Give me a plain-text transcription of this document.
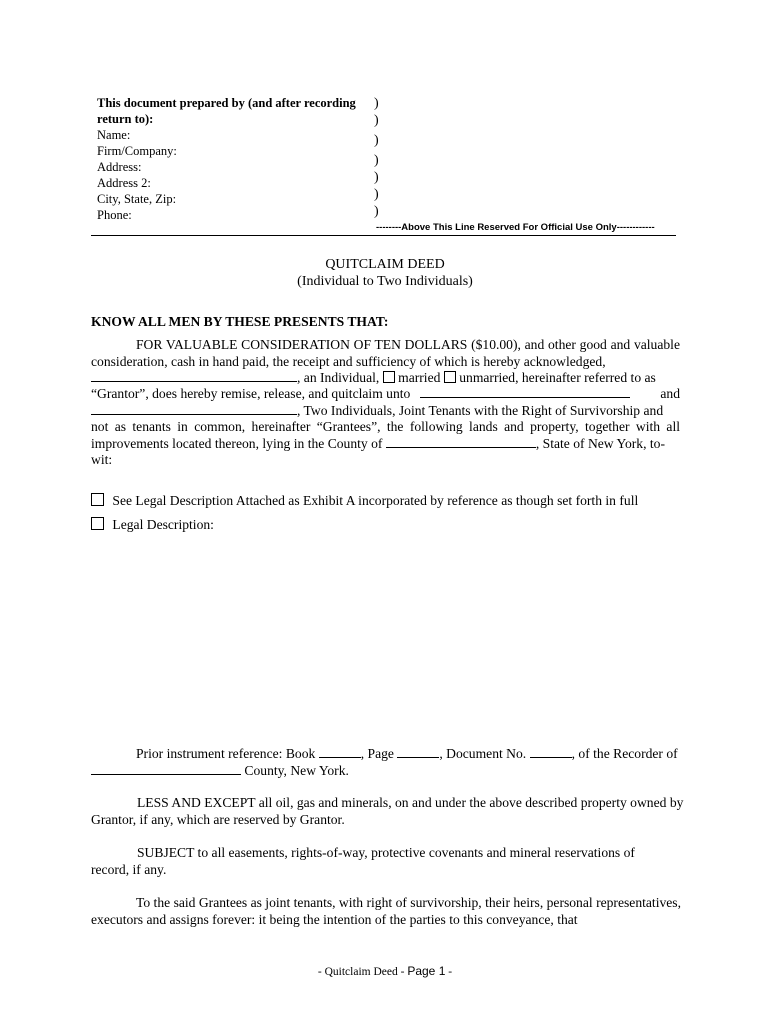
This document prepared by (and after recording
return to):
Name:
Firm/Company:
Address:
Address 2:
City, State, Zip:
Phone:
)
)
)
)
)
)
)
--------Above This Line Reserved For Official Use Only------------
QUITCLAIM DEED
(Individual to Two Individuals)
KNOW ALL MEN BY THESE PRESENTS THAT:
FOR VALUABLE CONSIDERATION OF TEN DOLLARS ($10.00), and other good and valuable consideration, cash in hand paid, the receipt and sufficiency of which is hereby acknowledged,
, an Individual, married unmarried, hereinafter referred to as
“Grantor”, does hereby remise, release, and quitclaim unto	and
, Two Individuals, Joint Tenants with the Right of Survivorship and
not as tenants in common, hereinafter “Grantees”, the following lands and property, together with all improvements located thereon, lying in the County of	, State of New York, to-
wit:
See Legal Description Attached as Exhibit A incorporated by reference as though set forth in full
Legal Description:
Prior instrument reference: Book	, Page	, Document No.	, of the Recorder of
County, New York.
LESS AND EXCEPT all oil, gas and minerals, on and under the above described property owned by Grantor, if any, which are reserved by Grantor.
SUBJECT to all easements, rights-of-way, protective covenants and mineral reservations of record, if any.
To the said Grantees as joint tenants, with right of survivorship, their heirs, personal representatives, executors and assigns forever: it being the intention of the parties to this conveyance, that
- Quitclaim Deed - Page 1 -
